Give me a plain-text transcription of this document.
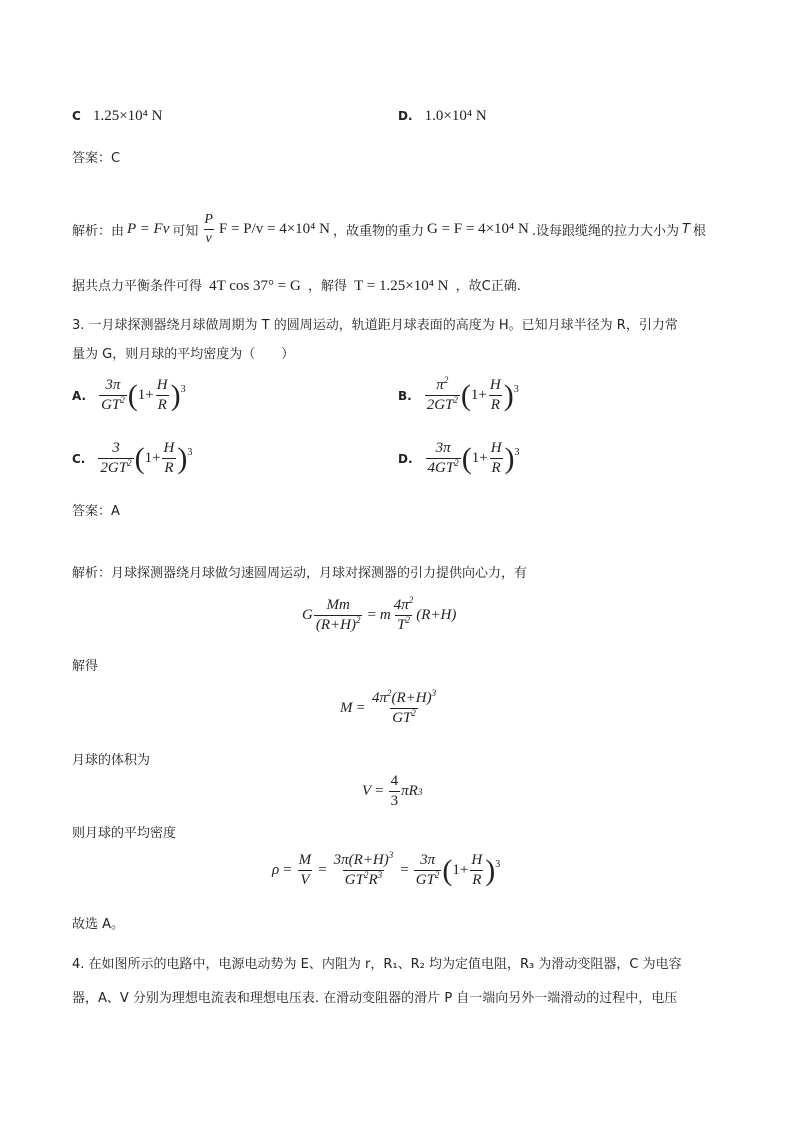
C 1.25×10⁴ N	D. 1.0×10⁴ N
答案：C
解析：由 P = Fv 可知 $\frac{P}{v}$ F = P/v = 4×10⁴ N ，故重物的重力 G = F = 4×10⁴ N .设每跟缆绳的拉力大小为 T 根
据共点力平衡条件可得 4T cos 37° = G ，解得 T = 1.25×10⁴ N ，故C正确.
3. 一月球探测器绕月球做周期为 T 的圆周运动，轨道距月球表面的高度为 H。已知月球半径为 R，引力常
量为 G，则月球的平均密度为（　　）
A. $\frac{3\pi}{GT^2}$ ( $1+ \frac{H}{R}$ ) 3	B. $\frac{\pi^2}{2GT^2}$ ( $1+ \frac{H}{R}$ ) 3
C. $\frac{3}{2GT^2}$ ( $1+ \frac{H}{R}$ ) 3	D. $\frac{3\pi}{4GT^2}$ ( $1+ \frac{H}{R}$ ) 3
答案：A
解析：月球探测器绕月球做匀速圆周运动，月球对探测器的引力提供向心力，有
G $\frac{Mm}{(R+H)^2} = m \frac{4\pi^2}{T^2} (R+H)$
解得
$M = \frac{4\pi^2(R+H)^3}{GT^2}$
月球的体积为
$V = \frac{4}{3}$ πR 3
则月球的平均密度
$\rho = \frac{M}{V} = \frac{3\pi(R+H)^3}{GT^2R^3} = \frac{3\pi}{GT^2}$ ( $1+ \frac{H}{R}$ ) 3
故选 A。
4. 在如图所示的电路中，电源电动势为 E、内阻为 r，R₁、R₂ 均为定值电阻，R₃ 为滑动变阻器，C 为电容
器，A、V 分别为理想电流表和理想电压表. 在滑动变阻器的滑片 P 自一端向另外一端滑动的过程中，电压
